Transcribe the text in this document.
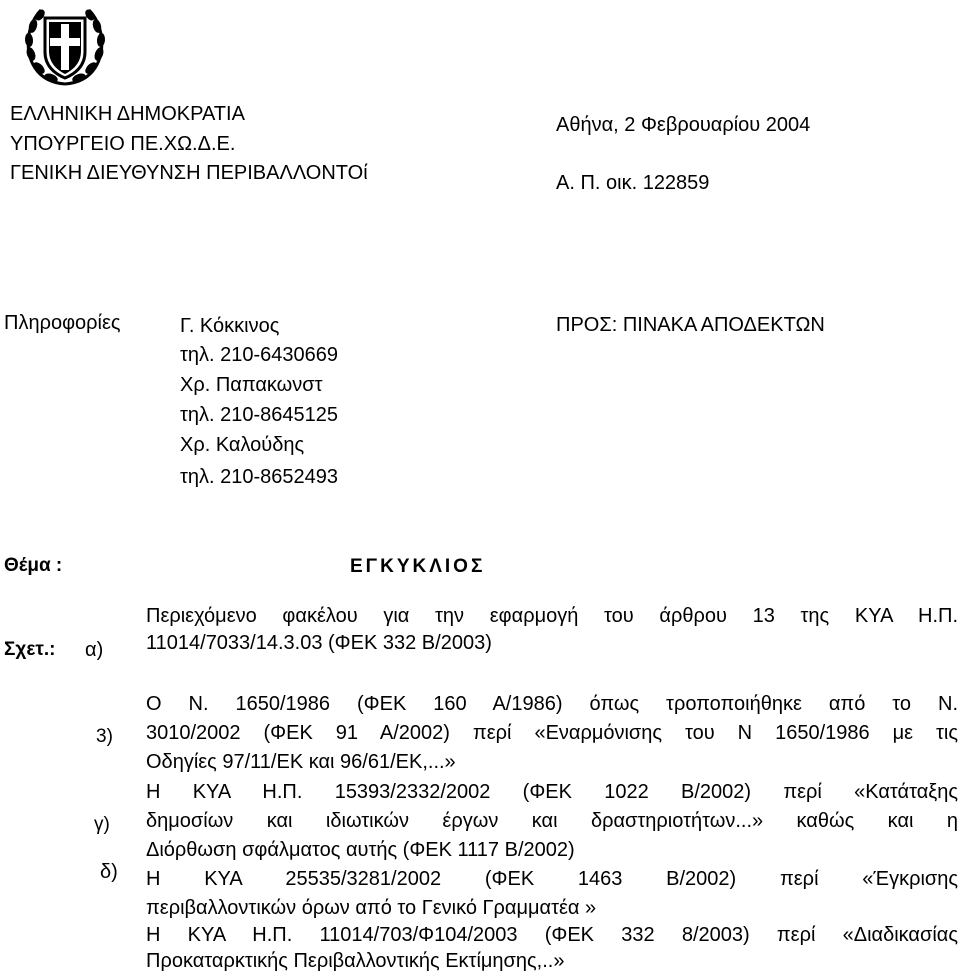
ΕΛΛΗΝΙΚΗ ΔΗΜΟΚΡΑΤΙΑ
ΥΠΟΥΡΓΕΙΟ ΠΕ.ΧΩ.Δ.Ε.
ΓΕΝΙΚΗ ΔΙΕΥΘΥΝΣΗ ΠΕΡΙΒΑΛΛΟΝΤΟί
Αθήνα, 2 Φεβρουαρίου 2004
Α. Π. οικ. 122859
Πληροφορίες	Γ. Κόκκινος
τηλ. 210-6430669
Χρ. Παπακωνστ
τηλ. 210-8645125
Χρ. Καλούδης
τηλ. 210-8652493
ΠΡΟΣ: ΠΙΝΑΚΑ ΑΠΟΔΕΚΤΩΝ
Θέμα :	ΕΓΚΥΚΛΙΟΣ
Σχετ.: α)
Περιεχόμενο φακέλου για την εφαρμογή του άρθρου 13 της ΚΥΑ Η.Π.
11014/7033/14.3.03 (ΦΕΚ 332 Β/2003)
3)
Ο Ν. 1650/1986 (ΦΕΚ 160 Α/1986) όπως τροποποιήθηκε από το Ν.
3010/2002 (ΦΕΚ 91 Α/2002) περί «Εναρμόνισης του Ν 1650/1986 με τις
Οδηγίες 97/11/ΕΚ και 96/61/ΕΚ,...»
γ)
Η ΚΥΑ Η.Π. 15393/2332/2002 (ΦΕΚ 1022 Β/2002) περί «Κατάταξης
δημοσίων και ιδιωτικών έργων και δραστηριοτήτων...» καθώς και η
Διόρθωση σφάλματος αυτής (ΦΕΚ 1117 Β/2002)
δ) Η ΚΥΑ 25535/3281/2002 (ΦΕΚ 1463 Β/2002) περί «Έγκρισης
περιβαλλοντικών όρων από το Γενικό Γραμματέα »
Η ΚΥΑ Η.Π. 11014/703/Φ104/2003 (ΦΕΚ 332 8/2003) περί «Διαδικασίας
Προκαταρκτικής Περιβαλλοντικής Εκτίμησης,..»
